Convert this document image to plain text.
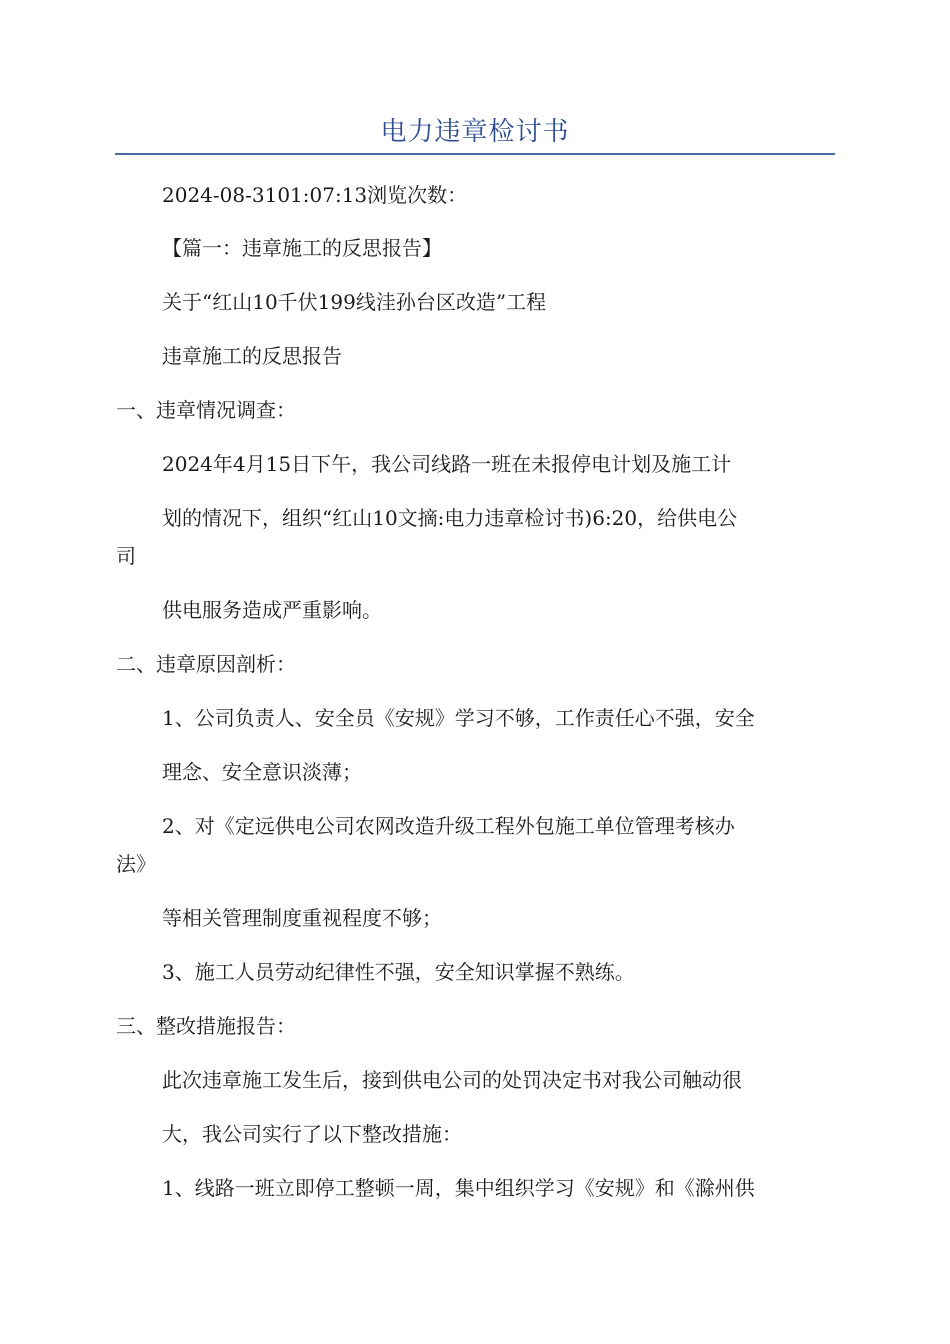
电力违章检讨书
2024-08-3101:07:13浏览次数：
【篇一：违章施工的反思报告】
关于“红山10千伏199线洼孙台区改造”工程
违章施工的反思报告
一、违章情况调查：
2024年4月15日下午，我公司线路一班在未报停电计划及施工计
划的情况下，组织“红山10文摘:电力违章检讨书)6:20，给供电公
司
供电服务造成严重影响。
二、违章原因剖析：
1、公司负责人、安全员《安规》学习不够，工作责任心不强，安全
理念、安全意识淡薄；
2、对《定远供电公司农网改造升级工程外包施工单位管理考核办
法》
等相关管理制度重视程度不够；
3、施工人员劳动纪律性不强，安全知识掌握不熟练。
三、整改措施报告：
此次违章施工发生后，接到供电公司的处罚决定书对我公司触动很
大，我公司实行了以下整改措施：
1、线路一班立即停工整顿一周，集中组织学习《安规》和《滁州供
